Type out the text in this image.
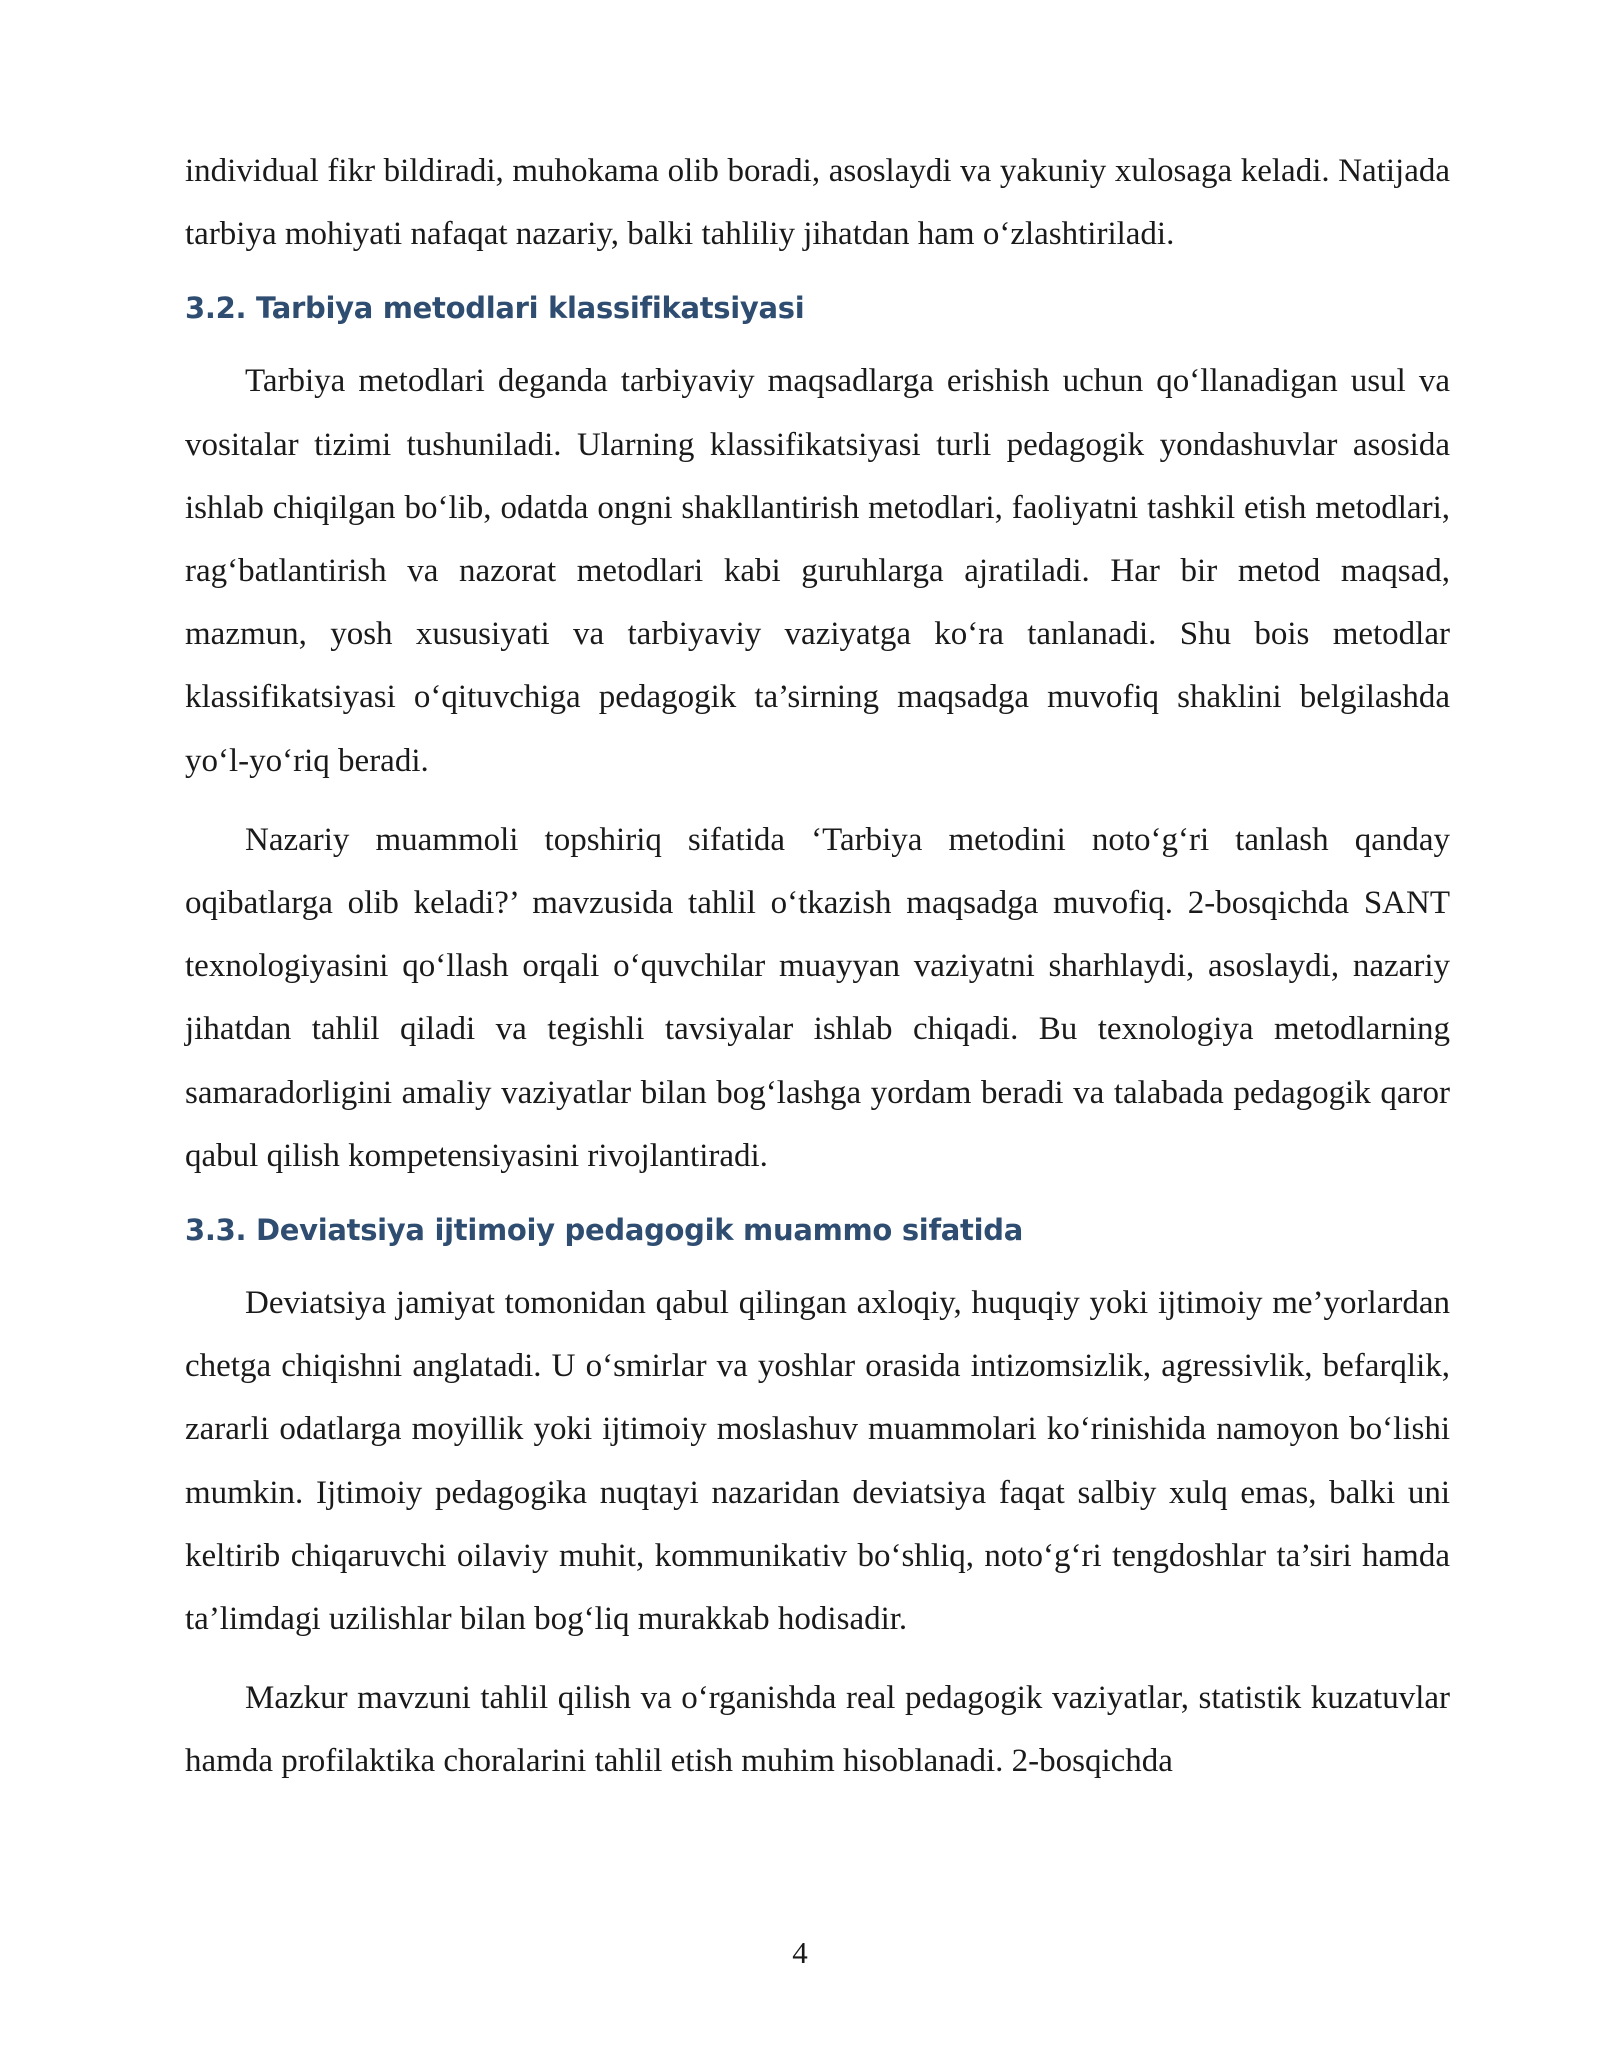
individual fikr bildiradi, muhokama olib boradi, asoslaydi va yakuniy xulosaga keladi. Natijada tarbiya mohiyati nafaqat nazariy, balki tahliliy jihatdan ham o‘zlashtiriladi.

3.2. Tarbiya metodlari klassifikatsiyasi

Tarbiya metodlari deganda tarbiyaviy maqsadlarga erishish uchun qo‘llanadigan usul va vositalar tizimi tushuniladi. Ularning klassifikatsiyasi turli pedagogik yondashuvlar asosida ishlab chiqilgan bo‘lib, odatda ongni shakllantirish metodlari, faoliyatni tashkil etish metodlari, rag‘batlantirish va nazorat metodlari kabi guruhlarga ajratiladi. Har bir metod maqsad, mazmun, yosh xususiyati va tarbiyaviy vaziyatga ko‘ra tanlanadi. Shu bois metodlar klassifikatsiyasi o‘qituvchiga pedagogik ta’sirning maqsadga muvofiq shaklini belgilashda yo‘l-yo‘riq beradi.

Nazariy muammoli topshiriq sifatida ‘Tarbiya metodini noto‘g‘ri tanlash qanday oqibatlarga olib keladi?’ mavzusida tahlil o‘tkazish maqsadga muvofiq. 2-bosqichda SANT texnologiyasini qo‘llash orqali o‘quvchilar muayyan vaziyatni sharhlaydi, asoslaydi, nazariy jihatdan tahlil qiladi va tegishli tavsiyalar ishlab chiqadi. Bu texnologiya metodlarning samaradorligini amaliy vaziyatlar bilan bog‘lashga yordam beradi va talabada pedagogik qaror qabul qilish kompetensiyasini rivojlantiradi.

3.3. Deviatsiya ijtimoiy pedagogik muammo sifatida

Deviatsiya jamiyat tomonidan qabul qilingan axloqiy, huquqiy yoki ijtimoiy me’yorlardan chetga chiqishni anglatadi. U o‘smirlar va yoshlar orasida intizomsizlik, agressivlik, befarqlik, zararli odatlarga moyillik yoki ijtimoiy moslashuv muammolari ko‘rinishida namoyon bo‘lishi mumkin. Ijtimoiy pedagogika nuqtayi nazaridan deviatsiya faqat salbiy xulq emas, balki uni keltirib chiqaruvchi oilaviy muhit, kommunikativ bo‘shliq, noto‘g‘ri tengdoshlar ta’siri hamda ta’limdagi uzilishlar bilan bog‘liq murakkab hodisadir.

Mazkur mavzuni tahlil qilish va o‘rganishda real pedagogik vaziyatlar, statistik kuzatuvlar hamda profilaktika choralarini tahlil etish muhim hisoblanadi. 2-bosqichda

4
